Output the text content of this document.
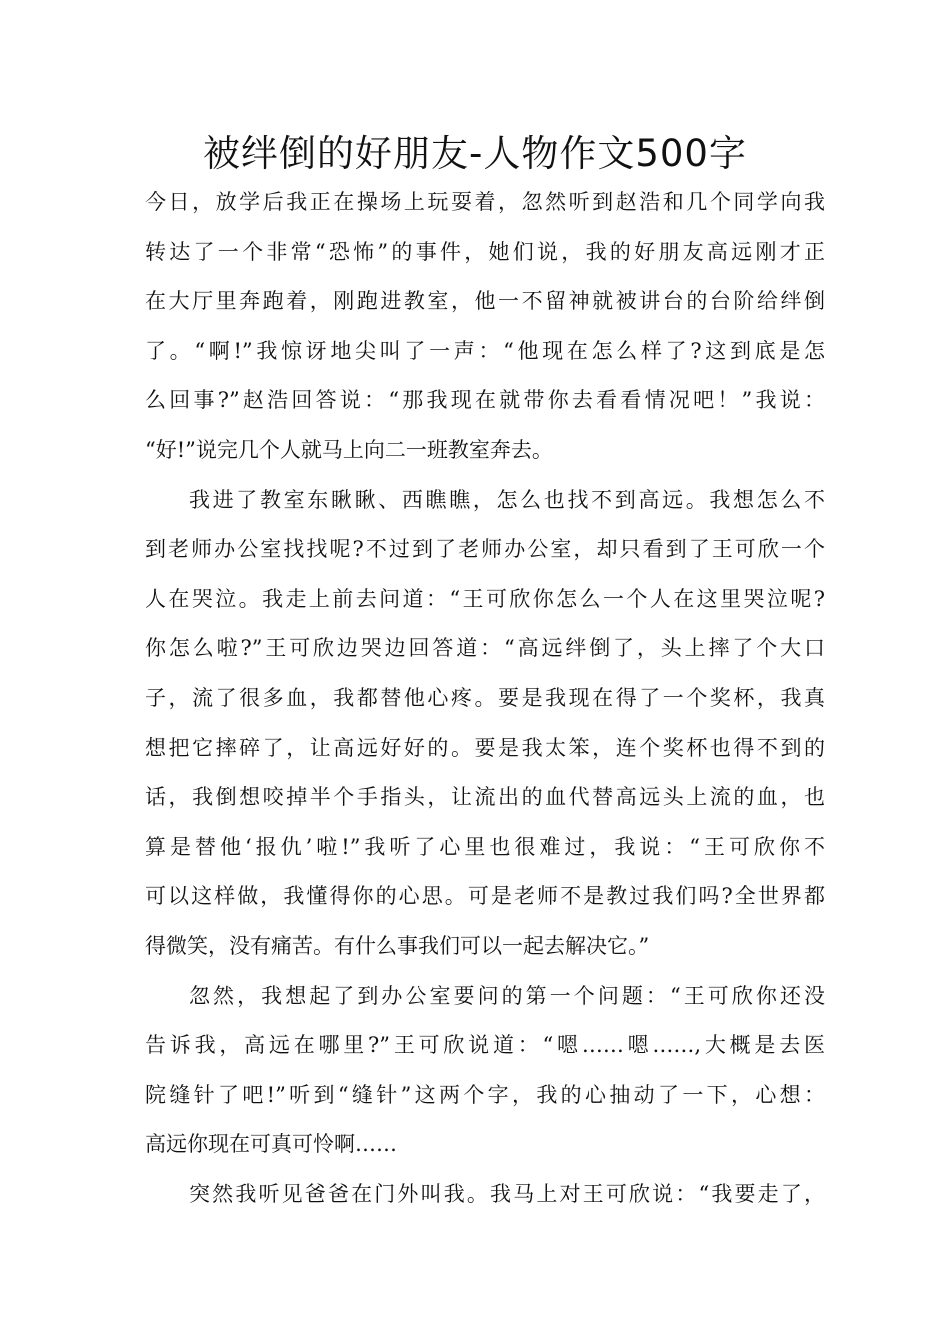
被绊倒的好朋友-人物作文500字
今日，放学后我正在操场上玩耍着，忽然听到赵浩和几个同学向我
转达了一个非常“恐怖”的事件，她们说，我的好朋友高远刚才正
在大厅里奔跑着，刚跑进教室，他一不留神就被讲台的台阶给绊倒
了。“啊!”我惊讶地尖叫了一声：“他现在怎么样了?这到底是怎
么回事?”赵浩回答说：“那我现在就带你去看看情况吧！”我说：
“好!”说完几个人就马上向二一班教室奔去。
我进了教室东瞅瞅、西瞧瞧，怎么也找不到高远。我想怎么不
到老师办公室找找呢?不过到了老师办公室，却只看到了王可欣一个
人在哭泣。我走上前去问道：“王可欣你怎么一个人在这里哭泣呢?
你怎么啦?”王可欣边哭边回答道：“高远绊倒了，头上摔了个大口
子，流了很多血，我都替他心疼。要是我现在得了一个奖杯，我真
想把它摔碎了，让高远好好的。要是我太笨，连个奖杯也得不到的
话，我倒想咬掉半个手指头，让流出的血代替高远头上流的血，也
算是替他‘报仇’啦!”我听了心里也很难过，我说：“王可欣你不
可以这样做，我懂得你的心思。可是老师不是教过我们吗?全世界都
得微笑，没有痛苦。有什么事我们可以一起去解决它。”
忽然，我想起了到办公室要问的第一个问题：“王可欣你还没
告诉我，高远在哪里?”王可欣说道：“嗯……嗯……,大概是去医
院缝针了吧!”听到“缝针”这两个字，我的心抽动了一下，心想：
高远你现在可真可怜啊……
突然我听见爸爸在门外叫我。我马上对王可欣说：“我要走了，
